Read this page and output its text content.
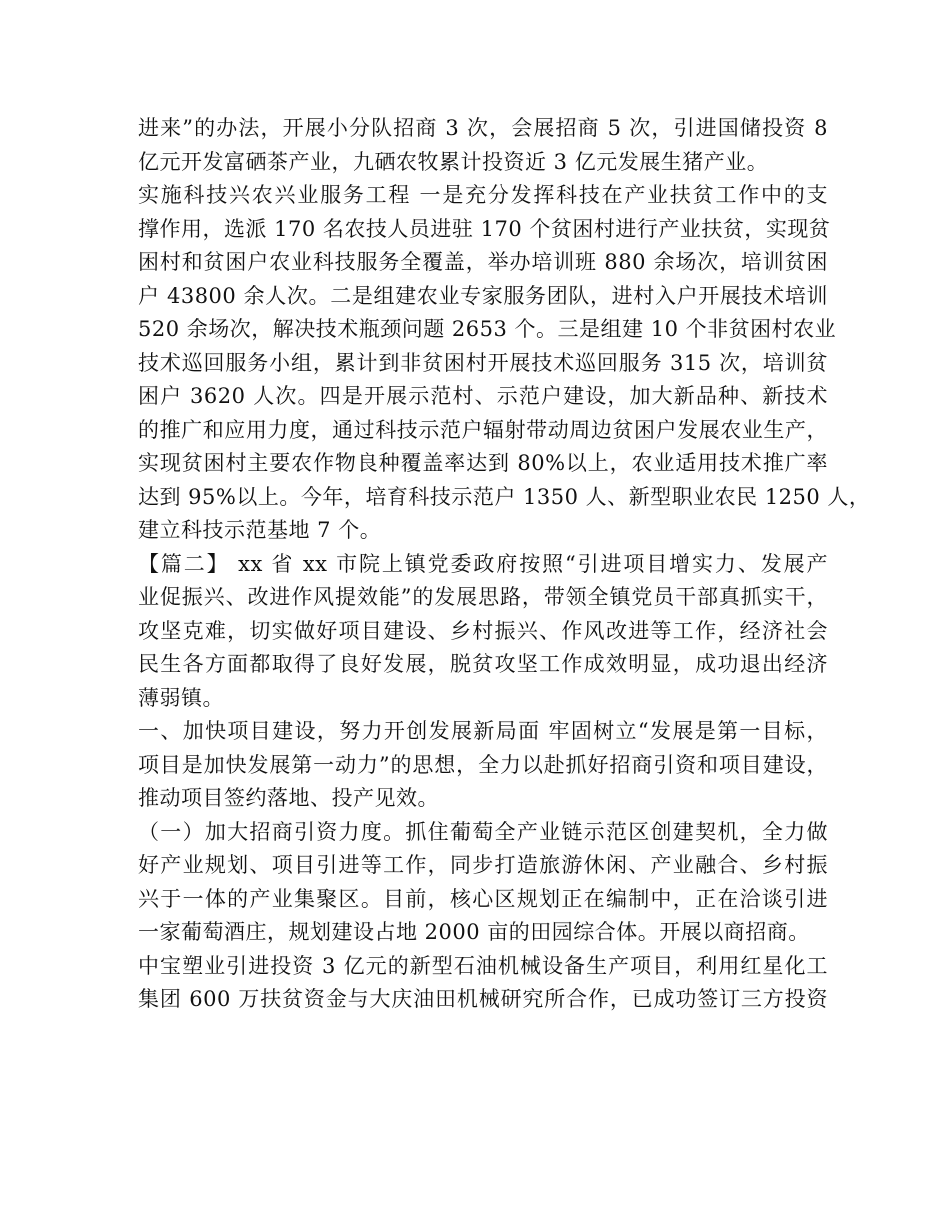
进来”的办法，开展小分队招商 3 次，会展招商 5 次，引进国储投资 8
亿元开发富硒茶产业，九硒农牧累计投资近 3 亿元发展生猪产业。
实施科技兴农兴业服务工程 一是充分发挥科技在产业扶贫工作中的支
撑作用，选派 170 名农技人员进驻 170 个贫困村进行产业扶贫，实现贫
困村和贫困户农业科技服务全覆盖，举办培训班 880 余场次，培训贫困
户 43800 余人次。二是组建农业专家服务团队，进村入户开展技术培训
520 余场次，解决技术瓶颈问题 2653 个。三是组建 10 个非贫困村农业
技术巡回服务小组，累计到非贫困村开展技术巡回服务 315 次，培训贫
困户 3620 人次。四是开展示范村、示范户建设，加大新品种、新技术
的推广和应用力度，通过科技示范户辐射带动周边贫困户发展农业生产，
实现贫困村主要农作物良种覆盖率达到 80%以上，农业适用技术推广率
达到 95%以上。今年，培育科技示范户 1350 人、新型职业农民 1250 人，
建立科技示范基地 7 个。
【篇二】 xx 省 xx 市院上镇党委政府按照“引进项目增实力、发展产
业促振兴、改进作风提效能”的发展思路，带领全镇党员干部真抓实干，
攻坚克难，切实做好项目建设、乡村振兴、作风改进等工作，经济社会
民生各方面都取得了良好发展，脱贫攻坚工作成效明显，成功退出经济
薄弱镇。
一、加快项目建设，努力开创发展新局面 牢固树立“发展是第一目标，
项目是加快发展第一动力”的思想，全力以赴抓好招商引资和项目建设，
推动项目签约落地、投产见效。
（一）加大招商引资力度。抓住葡萄全产业链示范区创建契机，全力做
好产业规划、项目引进等工作，同步打造旅游休闲、产业融合、乡村振
兴于一体的产业集聚区。目前，核心区规划正在编制中，正在洽谈引进
一家葡萄酒庄，规划建设占地 2000 亩的田园综合体。开展以商招商。
中宝塑业引进投资 3 亿元的新型石油机械设备生产项目，利用红星化工
集团 600 万扶贫资金与大庆油田机械研究所合作，已成功签订三方投资
